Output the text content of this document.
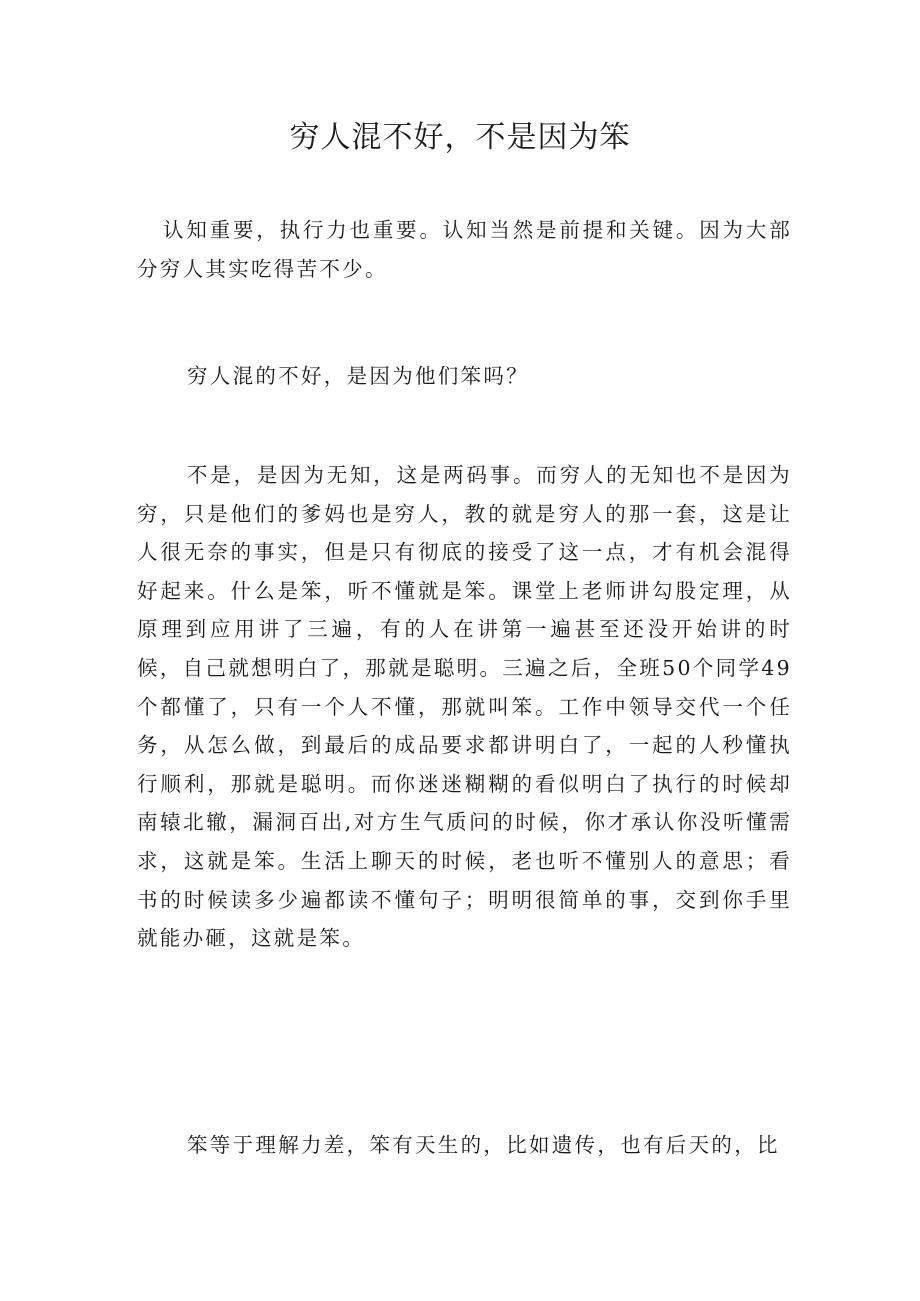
穷人混不好，不是因为笨

认知重要，执行力也重要。认知当然是前提和关键。因为大部分穷人其实吃得苦不少。

穷人混的不好，是因为他们笨吗？

不是，是因为无知，这是两码事。而穷人的无知也不是因为穷，只是他们的爹妈也是穷人，教的就是穷人的那一套，这是让人很无奈的事实，但是只有彻底的接受了这一点，才有机会混得好起来。什么是笨，听不懂就是笨。课堂上老师讲勾股定理，从原理到应用讲了三遍，有的人在讲第一遍甚至还没开始讲的时候，自己就想明白了，那就是聪明。三遍之后，全班50个同学49个都懂了，只有一个人不懂，那就叫笨。工作中领导交代一个任务，从怎么做，到最后的成品要求都讲明白了，一起的人秒懂执行顺利，那就是聪明。而你迷迷糊糊的看似明白了执行的时候却南辕北辙，漏洞百出,对方生气质问的时候，你才承认你没听懂需求，这就是笨。生活上聊天的时候，老也听不懂别人的意思；看书的时候读多少遍都读不懂句子；明明很简单的事，交到你手里就能办砸，这就是笨。

笨等于理解力差，笨有天生的，比如遗传，也有后天的，比
